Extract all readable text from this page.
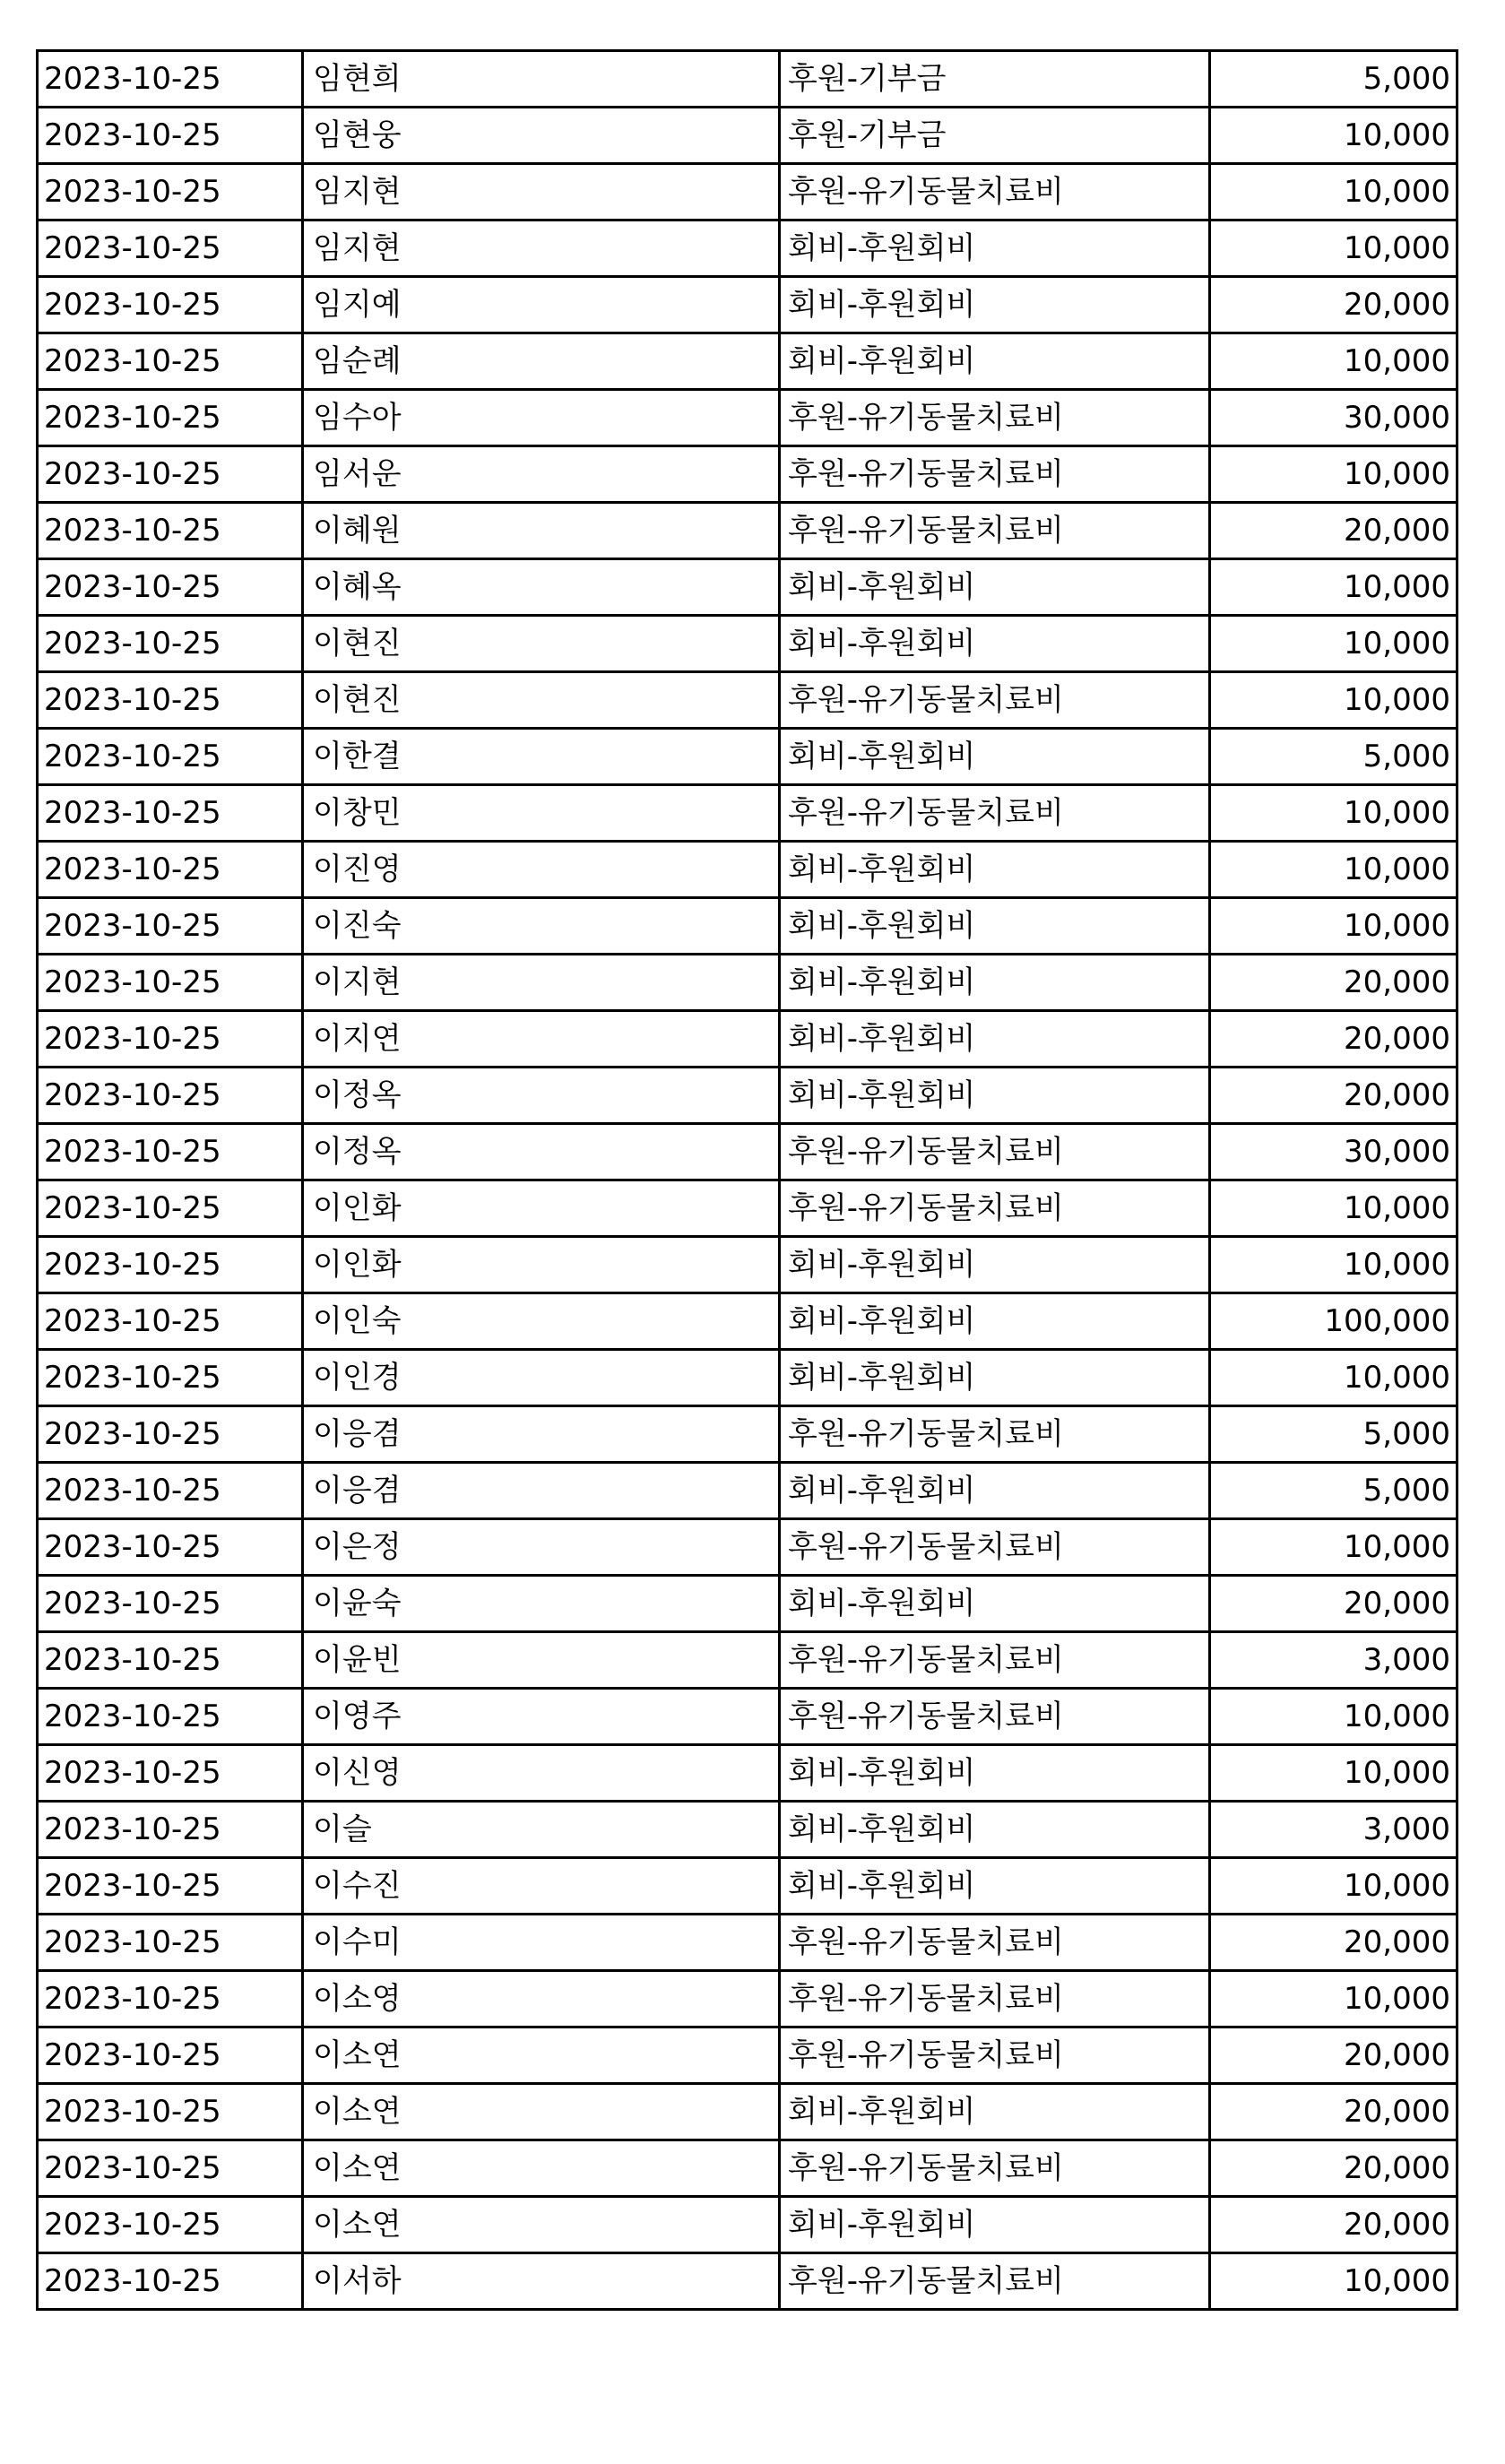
2023-10-25	임현희	후원-기부금	5,000
2023-10-25	임현웅	후원-기부금	10,000
2023-10-25	임지현	후원-유기동물치료비	10,000
2023-10-25	임지현	회비-후원회비	10,000
2023-10-25	임지예	회비-후원회비	20,000
2023-10-25	임순례	회비-후원회비	10,000
2023-10-25	임수아	후원-유기동물치료비	30,000
2023-10-25	임서운	후원-유기동물치료비	10,000
2023-10-25	이혜원	후원-유기동물치료비	20,000
2023-10-25	이혜옥	회비-후원회비	10,000
2023-10-25	이현진	회비-후원회비	10,000
2023-10-25	이현진	후원-유기동물치료비	10,000
2023-10-25	이한결	회비-후원회비	5,000
2023-10-25	이창민	후원-유기동물치료비	10,000
2023-10-25	이진영	회비-후원회비	10,000
2023-10-25	이진숙	회비-후원회비	10,000
2023-10-25	이지현	회비-후원회비	20,000
2023-10-25	이지연	회비-후원회비	20,000
2023-10-25	이정옥	회비-후원회비	20,000
2023-10-25	이정옥	후원-유기동물치료비	30,000
2023-10-25	이인화	후원-유기동물치료비	10,000
2023-10-25	이인화	회비-후원회비	10,000
2023-10-25	이인숙	회비-후원회비	100,000
2023-10-25	이인경	회비-후원회비	10,000
2023-10-25	이응겸	후원-유기동물치료비	5,000
2023-10-25	이응겸	회비-후원회비	5,000
2023-10-25	이은정	후원-유기동물치료비	10,000
2023-10-25	이윤숙	회비-후원회비	20,000
2023-10-25	이윤빈	후원-유기동물치료비	3,000
2023-10-25	이영주	후원-유기동물치료비	10,000
2023-10-25	이신영	회비-후원회비	10,000
2023-10-25	이슬	회비-후원회비	3,000
2023-10-25	이수진	회비-후원회비	10,000
2023-10-25	이수미	후원-유기동물치료비	20,000
2023-10-25	이소영	후원-유기동물치료비	10,000
2023-10-25	이소연	후원-유기동물치료비	20,000
2023-10-25	이소연	회비-후원회비	20,000
2023-10-25	이소연	후원-유기동물치료비	20,000
2023-10-25	이소연	회비-후원회비	20,000
2023-10-25	이서하	후원-유기동물치료비	10,000
